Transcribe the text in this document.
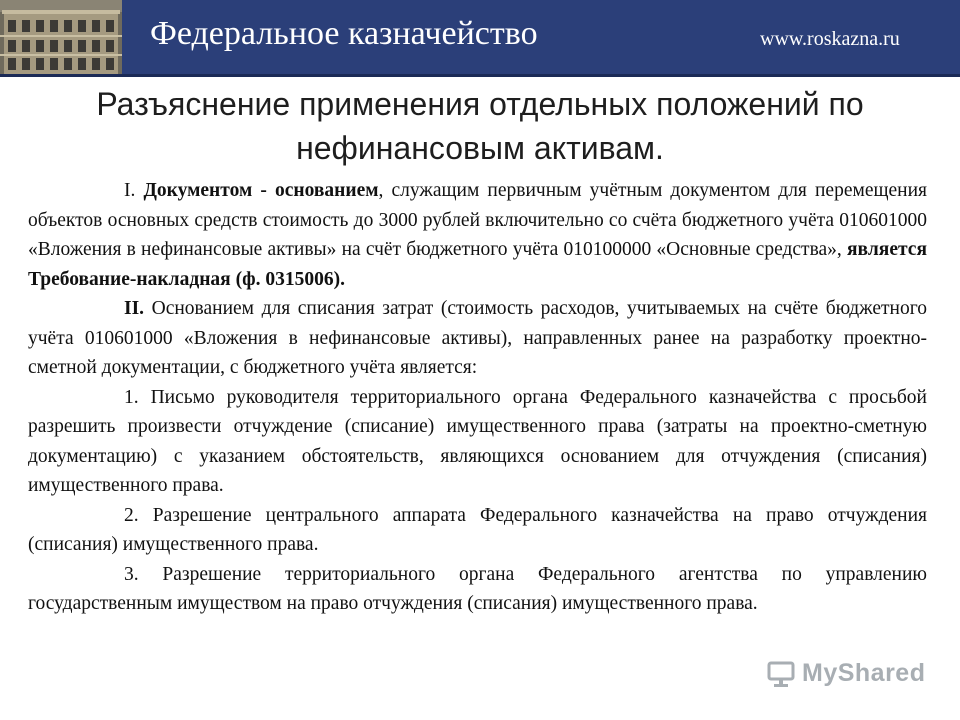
Федеральное казначейство	www.roskazna.ru
Разъяснение применения отдельных положений по
нефинансовым активам.

I. Документом - основанием, служащим первичным учётным документом для перемещения объектов основных средств стоимость до 3000 рублей включительно со счёта бюджетного учёта 010601000 «Вложения в нефинансовые активы» на счёт бюджетного учёта 010100000 «Основные средства», является Требование-накладная (ф. 0315006).

II. Основанием для списания затрат (стоимость расходов, учитываемых на счёте бюджетного учёта 010601000 «Вложения в нефинансовые активы), направленных ранее на разработку проектно-сметной документации, с бюджетного учёта является:

1. Письмо руководителя территориального органа Федерального казначейства с просьбой разрешить произвести отчуждение (списание) имущественного права (затраты на проектно-сметную документацию) с указанием обстоятельств, являющихся основанием для отчуждения (списания) имущественного права.

2. Разрешение центрального аппарата Федерального казначейства на право отчуждения (списания) имущественного права.

3. Разрешение территориального органа Федерального агентства по управлению государственным имуществом на право отчуждения (списания) имущественного права.

MyShared
